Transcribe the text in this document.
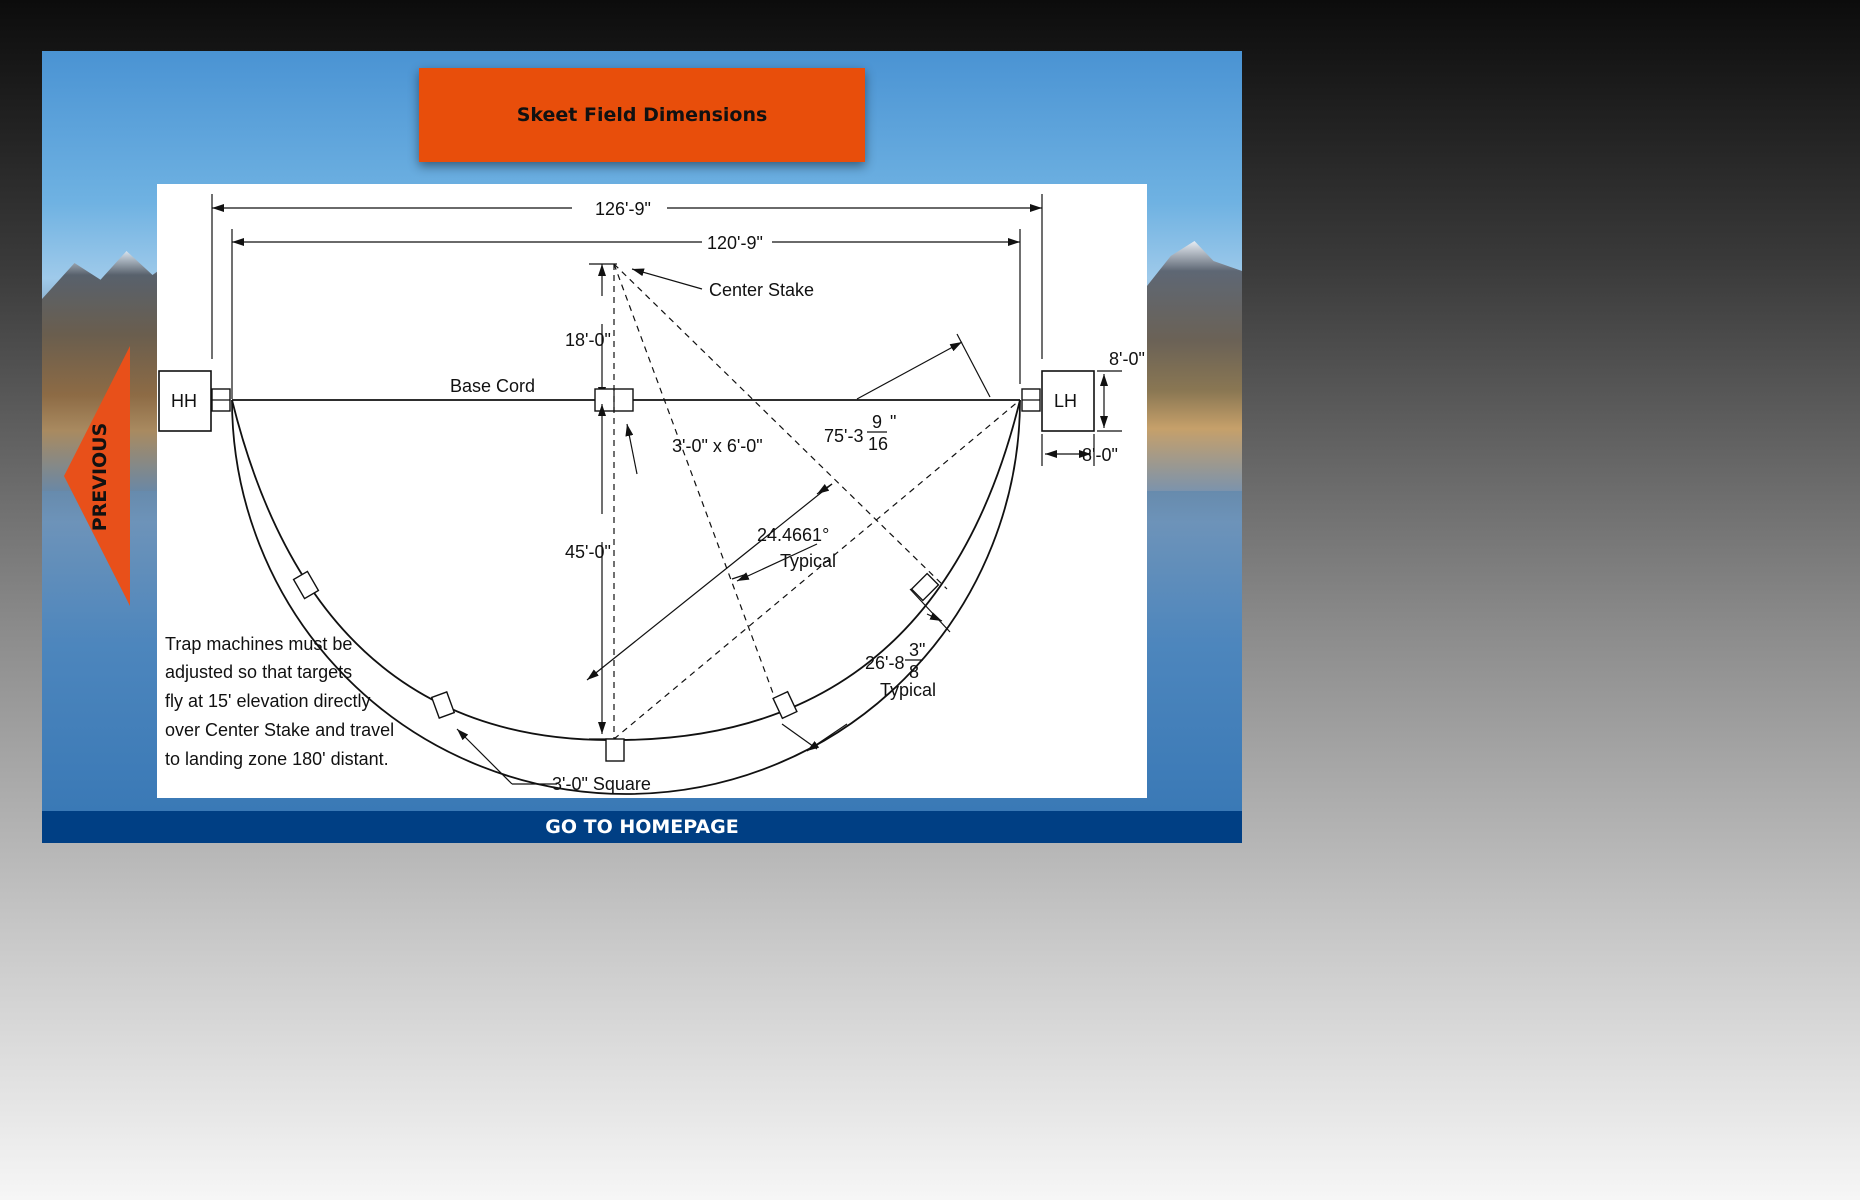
Skeet Field Dimensions
PREVIOUS
126'-9"
120'-9"
Center Stake
18'-0"
Base Cord
HH	LH
8'-0"
8'-0"
3'-0" x 6'-0"	75'-3
9 "
16
24.4661°
Typical
45'-0"
26'-8
3 "
8
Typical
3'-0" Square
Trap machines must be
adjusted so that targets
fly at 15' elevation directly
over Center Stake and travel
to landing zone 180' distant.
GO TO HOMEPAGE
